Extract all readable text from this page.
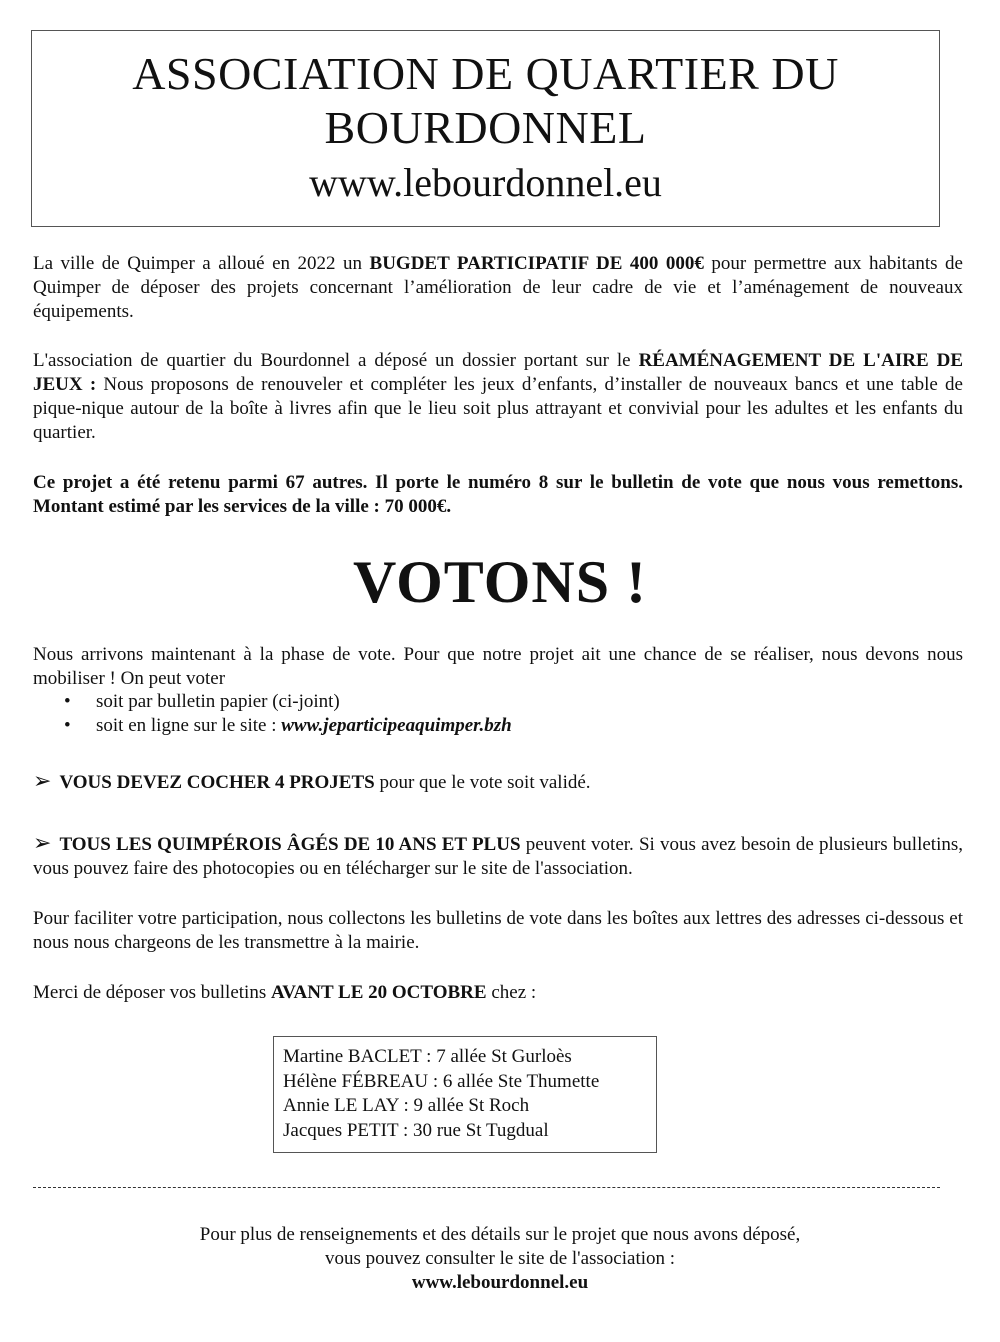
ASSOCIATION DE QUARTIER DU BOURDONNEL

www.lebourdonnel.eu

La ville de Quimper a alloué en 2022 un BUGDET PARTICIPATIF DE 400 000€ pour permettre aux habitants de Quimper de déposer des projets concernant l’amélioration de leur cadre de vie et l’aménagement de nouveaux équipements.

L'association de quartier du Bourdonnel a déposé un dossier portant sur le RÉAMÉNAGEMENT DE L'AIRE DE JEUX : Nous proposons de renouveler et compléter les jeux d’enfants, d’installer de nouveaux bancs et une table de pique-nique autour de la boîte à livres afin que le lieu soit plus attrayant et convivial pour les adultes et les enfants du quartier.

Ce projet a été retenu parmi 67 autres. Il porte le numéro 8 sur le bulletin de vote que nous vous remettons. Montant estimé par les services de la ville : 70 000€.

VOTONS !

Nous arrivons maintenant à la phase de vote. Pour que notre projet ait une chance de se réaliser, nous devons nous mobiliser ! On peut voter

• soit par bulletin papier (ci-joint)
• soit en ligne sur le site : www.jeparticipeaquimper.bzh

➢ VOUS DEVEZ COCHER 4 PROJETS pour que le vote soit validé.

➢ TOUS LES QUIMPÉROIS ÂGÉS DE 10 ANS ET PLUS peuvent voter. Si vous avez besoin de plusieurs bulletins, vous pouvez faire des photocopies ou en télécharger sur le site de l'association.

Pour faciliter votre participation, nous collectons les bulletins de vote dans les boîtes aux lettres des adresses ci-dessous et nous nous chargeons de les transmettre à la mairie.

Merci de déposer vos bulletins AVANT LE 20 OCTOBRE chez :

Martine BACLET : 7 allée St Gurloès
Hélène FÉBREAU : 6 allée Ste Thumette
Annie LE LAY : 9 allée St Roch
Jacques PETIT : 30 rue St Tugdual
Pour plus de renseignements et des détails sur le projet que nous avons déposé,
vous pouvez consulter le site de l'association :
www.lebourdonnel.eu
